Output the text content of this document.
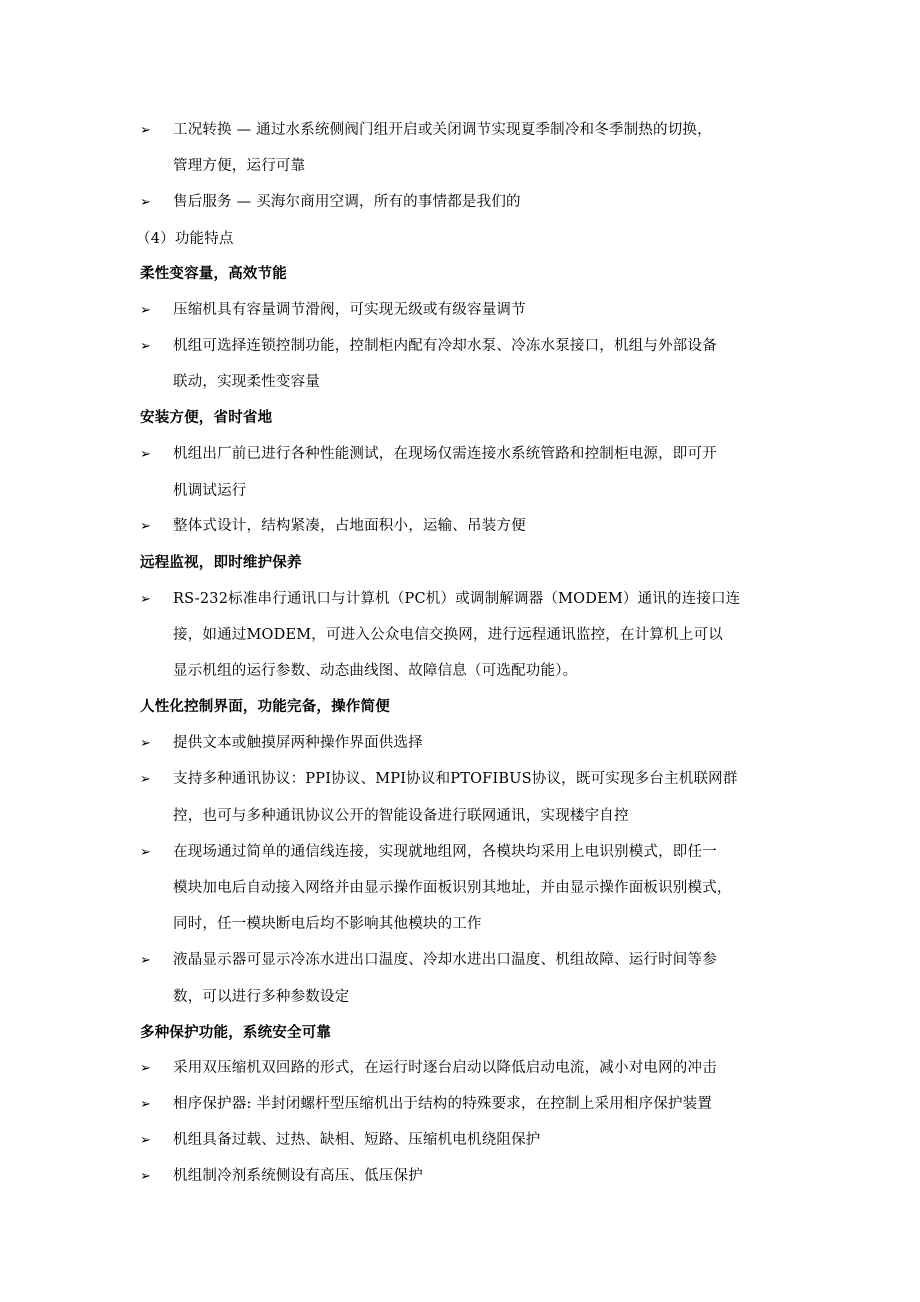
➢ 工况转换 — 通过水系统侧阀门组开启或关闭调节实现夏季制冷和冬季制热的切换，
管理方便，运行可靠
➢ 售后服务 — 买海尔商用空调，所有的事情都是我们的
（4）功能特点
柔性变容量，高效节能
➢ 压缩机具有容量调节滑阀，可实现无级或有级容量调节
➢ 机组可选择连锁控制功能，控制柜内配有冷却水泵、冷冻水泵接口，机组与外部设备
联动，实现柔性变容量
安装方便，省时省地
➢ 机组出厂前已进行各种性能测试，在现场仅需连接水系统管路和控制柜电源，即可开
机调试运行
➢ 整体式设计，结构紧凑，占地面积小，运输、吊装方便
远程监视，即时维护保养
➢ RS-232标准串行通讯口与计算机（PC机）或调制解调器（MODEM）通讯的连接口连
接，如通过MODEM，可进入公众电信交换网，进行远程通讯监控，在计算机上可以
显示机组的运行参数、动态曲线图、故障信息（可选配功能）。
人性化控制界面，功能完备，操作简便
➢ 提供文本或触摸屏两种操作界面供选择
➢ 支持多种通讯协议：PPI协议、MPI协议和PTOFIBUS协议，既可实现多台主机联网群
控，也可与多种通讯协议公开的智能设备进行联网通讯，实现楼宇自控
➢ 在现场通过简单的通信线连接，实现就地组网，各模块均采用上电识别模式，即任一
模块加电后自动接入网络并由显示操作面板识别其地址，并由显示操作面板识别模式，
同时，任一模块断电后均不影响其他模块的工作
➢ 液晶显示器可显示冷冻水进出口温度、冷却水进出口温度、机组故障、运行时间等参
数，可以进行多种参数设定
多种保护功能，系统安全可靠
➢ 采用双压缩机双回路的形式，在运行时逐台启动以降低启动电流，减小对电网的冲击
➢ 相序保护器: 半封闭螺杆型压缩机出于结构的特殊要求，在控制上采用相序保护装置
➢ 机组具备过载、过热、缺相、短路、压缩机电机绕阻保护
➢ 机组制冷剂系统侧设有高压、低压保护
